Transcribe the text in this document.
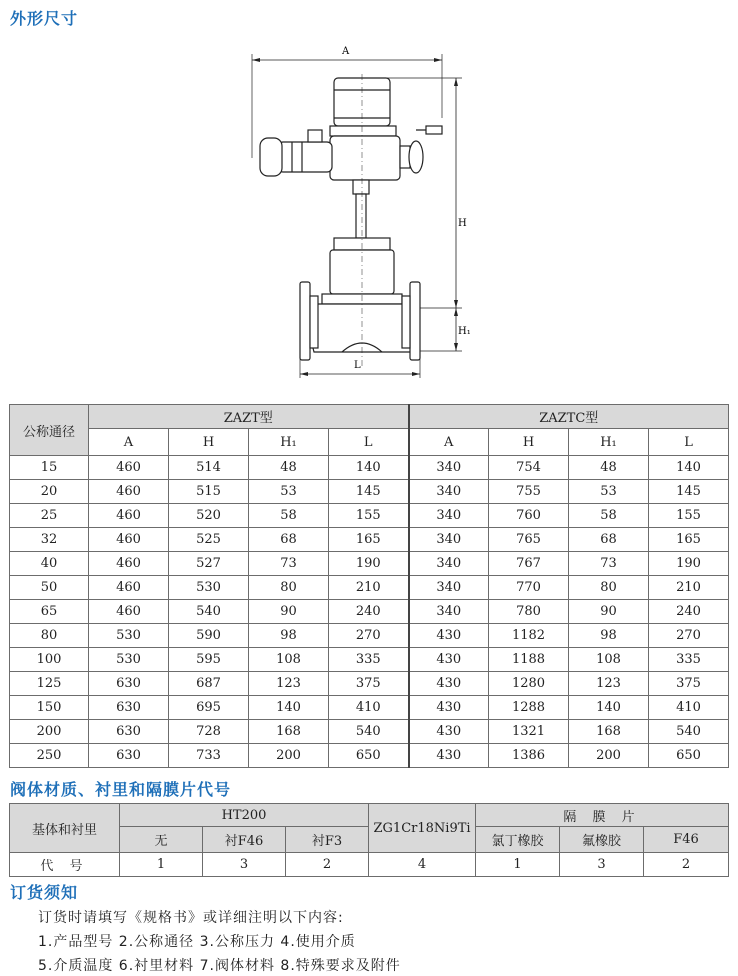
外形尺寸
A
H
H₁
L
公称通径	ZAZT型				ZAZTC型			
	A	H	H₁	L	A	H	H₁	L
15	460	514	48	140	340	754	48	140
20	460	515	53	145	340	755	53	145
25	460	520	58	155	340	760	58	155
32	460	525	68	165	340	765	68	165
40	460	527	73	190	340	767	73	190
50	460	530	80	210	340	770	80	210
65	460	540	90	240	340	780	90	240
80	530	590	98	270	430	1182	98	270
100	530	595	108	335	430	1188	108	335
125	630	687	123	375	430	1280	123	375
150	630	695	140	410	430	1288	140	410
200	630	728	168	540	430	1321	168	540
250	630	733	200	650	430	1386	200	650
阀体材质、衬里和隔膜片代号
基体和衬里	HT200			ZG1Cr18Ni9Ti	隔 膜 片		
	无	衬F46	衬F3		氯丁橡胶	氟橡胶	F46
代 号	1	3	2	4	1	3	2
订货须知

订货时请填写《规格书》或详细注明以下内容:

1.产品型号 2.公称通径 3.公称压力 4.使用介质

5.介质温度 6.衬里材料 7.阀体材料 8.特殊要求及附件
